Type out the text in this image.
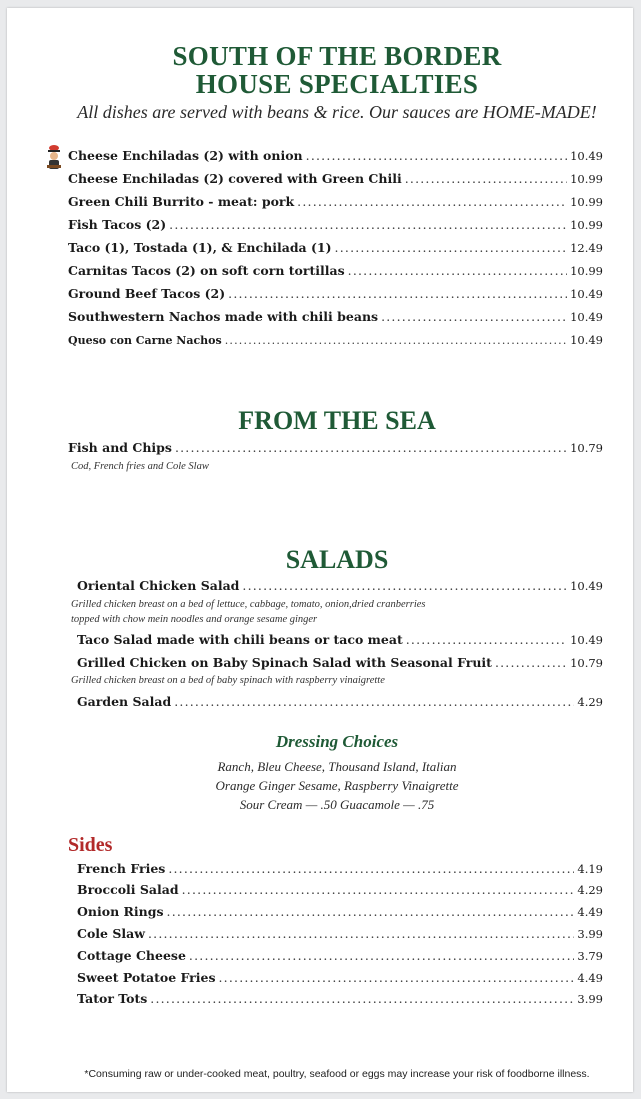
SOUTH OF THE BORDER
HOUSE SPECIALTIES
All dishes are served with beans & rice. Our sauces are HOME-MADE!
Cheese Enchiladas (2) with onion .....	10.49
Cheese Enchiladas (2) covered with Green Chili .....	10.99
Green Chili Burrito - meat: pork .....	10.99
Fish Tacos (2) .....	10.99
Taco (1), Tostada (1), & Enchilada (1) .....	12.49
Carnitas Tacos (2) on soft corn tortillas .....	10.99
Ground Beef Tacos (2) .....	10.49
Southwestern Nachos made with chili beans .....	10.49
Queso con Carne Nachos .....	10.49
FROM THE SEA
Fish and Chips .....	10.79
Cod, French fries and Cole Slaw
SALADS
Oriental Chicken Salad .....	10.49
Grilled chicken breast on a bed of lettuce, cabbage, tomato, onion,dried cranberries
topped with chow mein noodles and orange sesame ginger
Taco Salad made with chili beans or taco meat .....	10.49
Grilled Chicken on Baby Spinach Salad with Seasonal Fruit .....	10.79
Grilled chicken breast on a bed of baby spinach with raspberry vinaigrette
Garden Salad .....	4.29
Dressing Choices
Ranch, Bleu Cheese, Thousand Island, Italian
Orange Ginger Sesame, Raspberry Vinaigrette
Sour Cream — .50 Guacamole — .75
Sides
French Fries .....	4.19
Broccoli Salad .....	4.29
Onion Rings .....	4.49
Cole Slaw .....	3.99
Cottage Cheese .....	3.79
Sweet Potatoe Fries .....	4.49
Tator Tots .....	3.99
*Consuming raw or under-cooked meat, poultry, seafood or eggs may increase your risk of foodborne illness.
